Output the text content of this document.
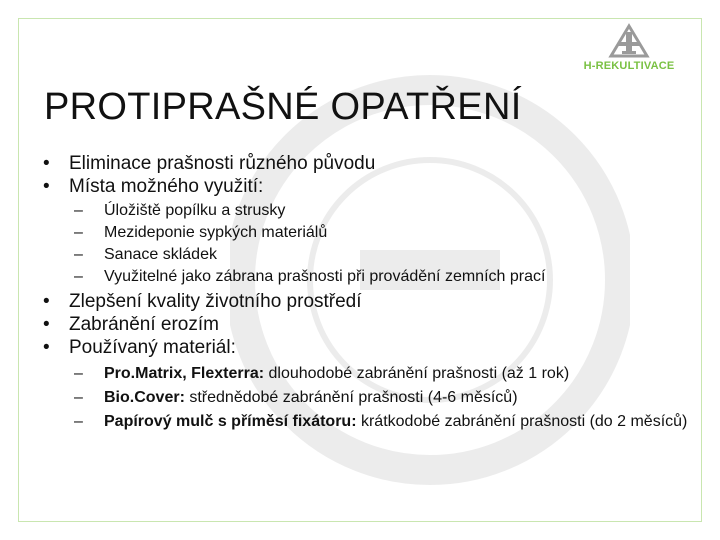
H-REKULTIVACE
PROTIPRAŠNÉ OPATŘENÍ
• Eliminace prašnosti různého původu
• Místa možného využití:
– Úložiště popílku a strusky
– Mezideponie sypkých materiálů
– Sanace skládek
– Využitelné jako zábrana prašnosti při provádění zemních prací
• Zlepšení kvality životního prostředí
• Zabránění erozím
• Používaný materiál:
– Pro.Matrix, Flexterra: dlouhodobé zabránění prašnosti (až 1 rok)
– Bio.Cover: střednědobé zabránění prašnosti (4-6 měsíců)
– Papírový mulč s příměsí fixátoru: krátkodobé zabránění prašnosti (do 2 měsíců)
